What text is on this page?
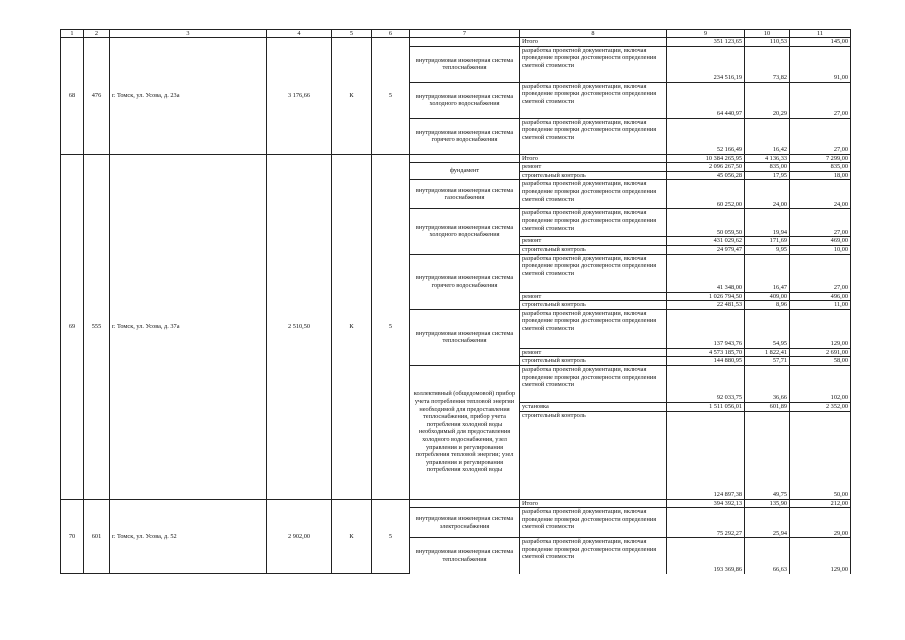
1	2	3	4	5	6	7	8	9	10	11
68	476	г. Томск, ул. Усова, д. 23а	3 176,66	К	5		Итого	351 123,65	110,53	145,00
						внутридомовая инженерная система теплоснабжения	разработка проектной документации, включая проведение проверки достоверности определения сметной стоимости	234 516,19	73,82	91,00
						внутридомовая инженерная система холодного водоснабжения	разработка проектной документации, включая проведение проверки достоверности определения сметной стоимости	64 440,97	20,29	27,00
						внутридомовая инженерная система горячего водоснабжения	разработка проектной документации, включая проведение проверки достоверности определения сметной стоимости	52 166,49	16,42	27,00
69	555	г. Томск, ул. Усова, д. 37а	2 510,50	К	5		Итого	10 384 265,95	4 136,33	7 299,00
						фундамент	ремонт	2 096 267,50	835,00	835,00
							строительный контроль	45 056,28	17,95	18,00
						внутридомовая инженерная система газоснабжения	разработка проектной документации, включая проведение проверки достоверности определения сметной стоимости	60 252,00	24,00	24,00
						внутридомовая инженерная система холодного водоснабжения	разработка проектной документации, включая проведение проверки достоверности определения сметной стоимости	50 059,50	19,94	27,00
							ремонт	431 029,62	171,69	469,00
							строительный контроль	24 979,47	9,95	10,00
						внутридомовая инженерная система горячего водоснабжения	разработка проектной документации, включая проведение проверки достоверности определения сметной стоимости	41 348,00	16,47	27,00
							ремонт	1 026 794,50	409,00	496,00
							строительный контроль	22 481,53	8,96	11,00
						внутридомовая инженерная система теплоснабжения	разработка проектной документации, включая проведение проверки достоверности определения сметной стоимости	137 943,76	54,95	129,00
							ремонт	4 573 185,70	1 822,41	2 691,00
							строительный контроль	144 880,95	57,71	58,00
						коллективный (общедомовой) прибор учета потребления тепловой энергии необходимой для предоставления теплоснабжения, прибор учета потребления холодной воды необходимый для предоставления холодного водоснабжения, узел управления и регулирования потребления тепловой энергии; узел управления и регулирования потребления холодной воды	разработка проектной документации, включая проведение проверки достоверности определения сметной стоимости	92 033,75	36,66	102,00
							установка	1 511 056,01	601,89	2 352,00
							строительный контроль	124 897,38	49,75	50,00
70	601	г. Томск, ул. Усова, д. 52	2 902,00	К	5		Итого	394 392,13	135,90	212,00
						внутридомовая инженерная система электроснабжения	разработка проектной документации, включая проведение проверки достоверности определения сметной стоимости	75 292,27	25,94	29,00
						внутридомовая инженерная система теплоснабжения	разработка проектной документации, включая проведение проверки достоверности определения сметной стоимости	193 369,86	66,63	129,00
